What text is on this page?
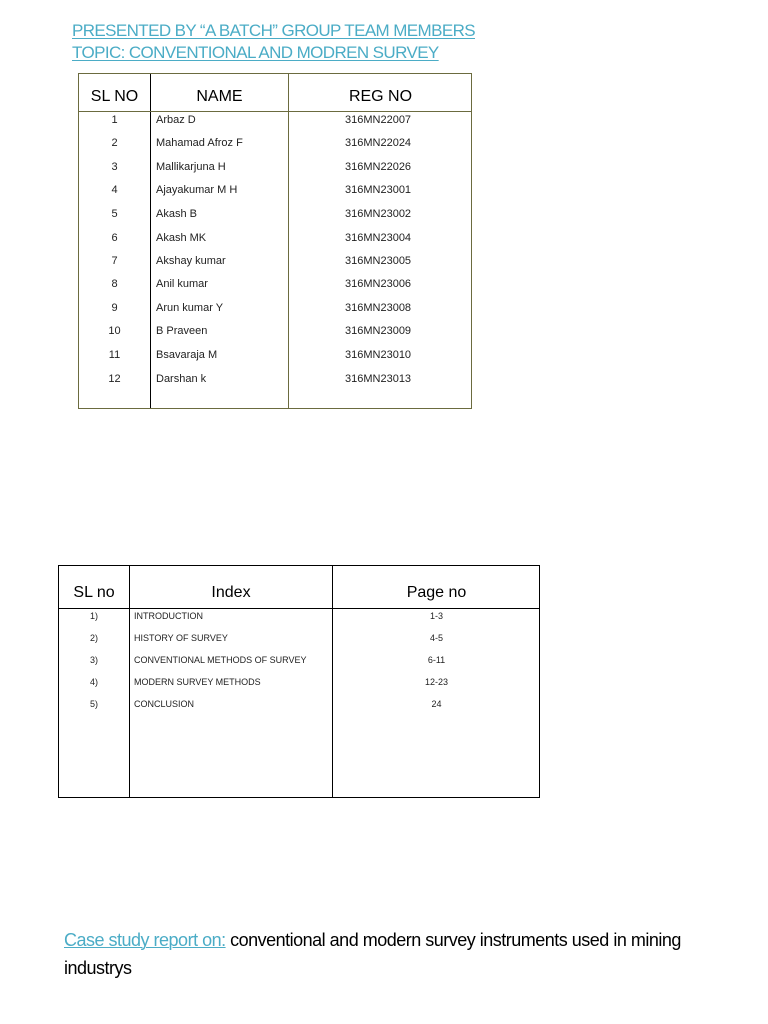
PRESENTED BY “A BATCH” GROUP TEAM MEMBERS
TOPIC: CONVENTIONAL AND MODREN SURVEY
SL NO	NAME	REG NO
1	Arbaz D	316MN22007
2	Mahamad Afroz F	316MN22024
3	Mallikarjuna H	316MN22026
4	Ajayakumar M H	316MN23001
5	Akash B	316MN23002
6	Akash MK	316MN23004
7	Akshay kumar	316MN23005
8	Anil kumar	316MN23006
9	Arun kumar Y	316MN23008
10	B Praveen	316MN23009
11	Bsavaraja M	316MN23010
12	Darshan k	316MN23013
SL no	Index	Page no
1)	INTRODUCTION	1-3
2)	HISTORY OF SURVEY	4-5
3)	CONVENTIONAL METHODS OF SURVEY	6-11
4)	MODERN SURVEY METHODS	12-23
5)	CONCLUSION	24
Case study report on: conventional and modern survey instruments used in mining industrys
